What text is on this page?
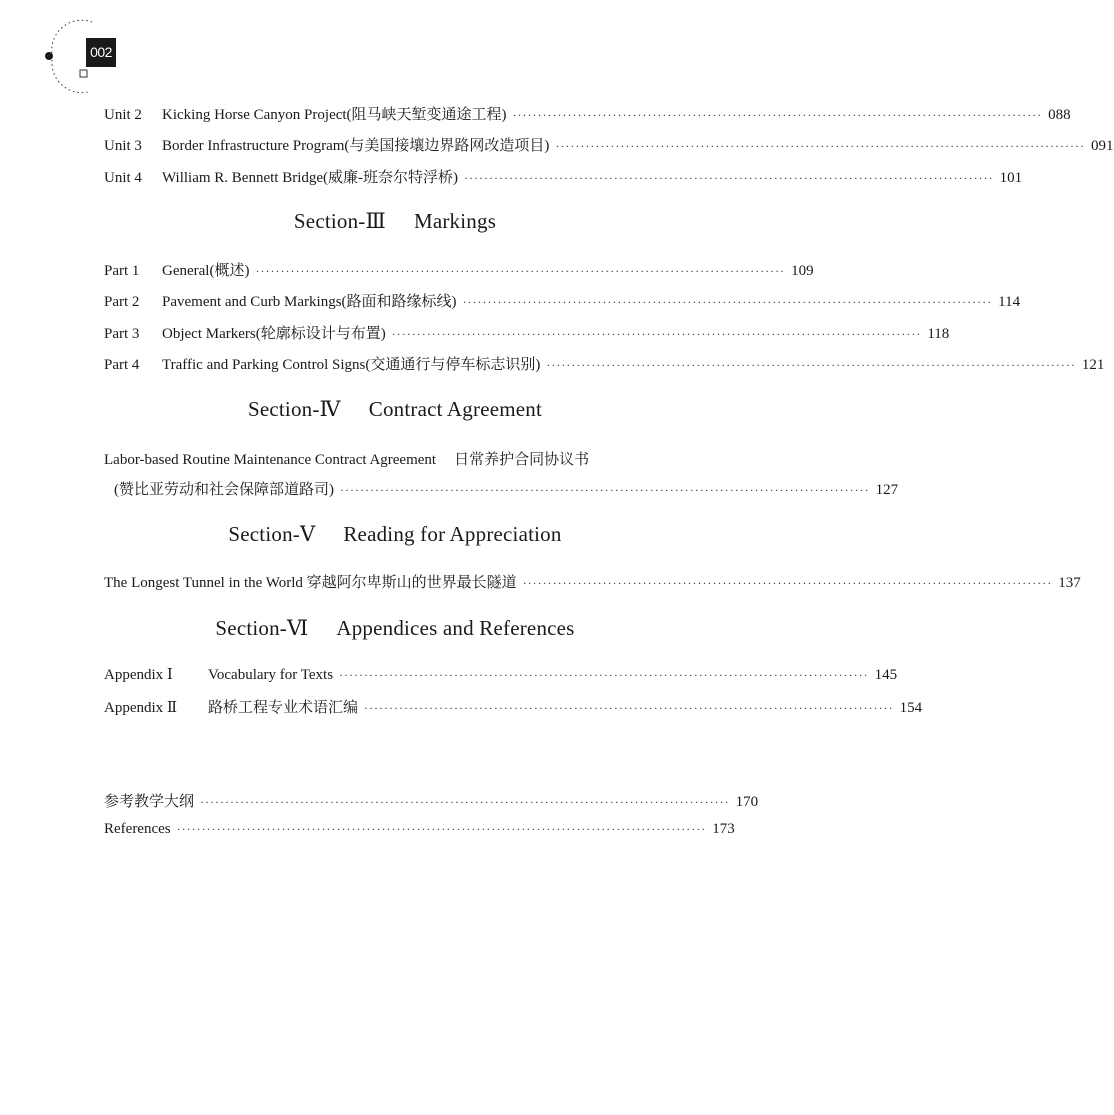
002
Unit 2 Kicking Horse Canyon Project(阻马峡天堑变通途工程) ·········································································································· 088
Unit 3 Border Infrastructure Program(与美国接壤边界路网改造项目) ·········································································································· 091
Unit 4 William R. Bennett Bridge(威廉-班奈尔特浮桥) ·········································································································· 101
Section-Ⅲ Markings
Part 1 General(概述) ·········································································································· 109
Part 2 Pavement and Curb Markings(路面和路缘标线) ·········································································································· 114
Part 3 Object Markers(轮廓标设计与布置) ·········································································································· 118
Part 4 Traffic and Parking Control Signs(交通通行与停车标志识别) ·········································································································· 121
Section-Ⅳ Contract Agreement
Labor-based Routine Maintenance Contract Agreement 日常养护合同协议书
(赞比亚劳动和社会保障部道路司) ·········································································································· 127
Section-Ⅴ Reading for Appreciation
The Longest Tunnel in the World 穿越阿尔卑斯山的世界最长隧道 ·········································································································· 137
Section-Ⅵ Appendices and References
Appendix Ⅰ Vocabulary for Texts ·········································································································· 145
Appendix Ⅱ 路桥工程专业术语汇编 ·········································································································· 154
参考教学大纲 ·········································································································· 170
References ·········································································································· 173
